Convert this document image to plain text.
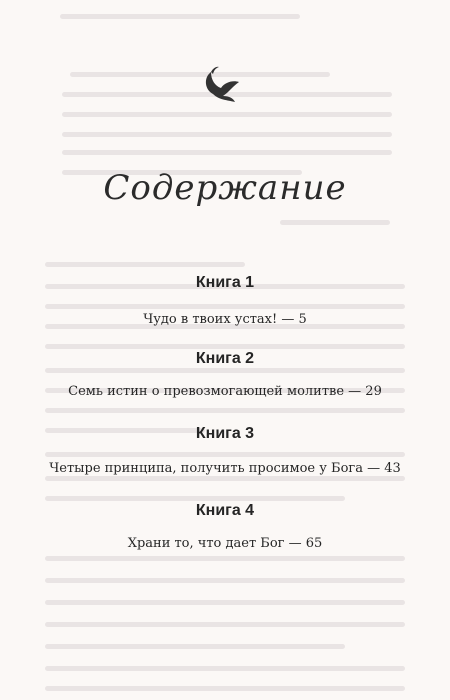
Содержание
Книга 1
Чудо в твоих устах! — 5
Книга 2
Семь истин о превозмогающей молитве — 29
Книга 3
Четыре принципа, получить просимое у Бога — 43
Книга 4
Храни то, что дает Бог — 65
